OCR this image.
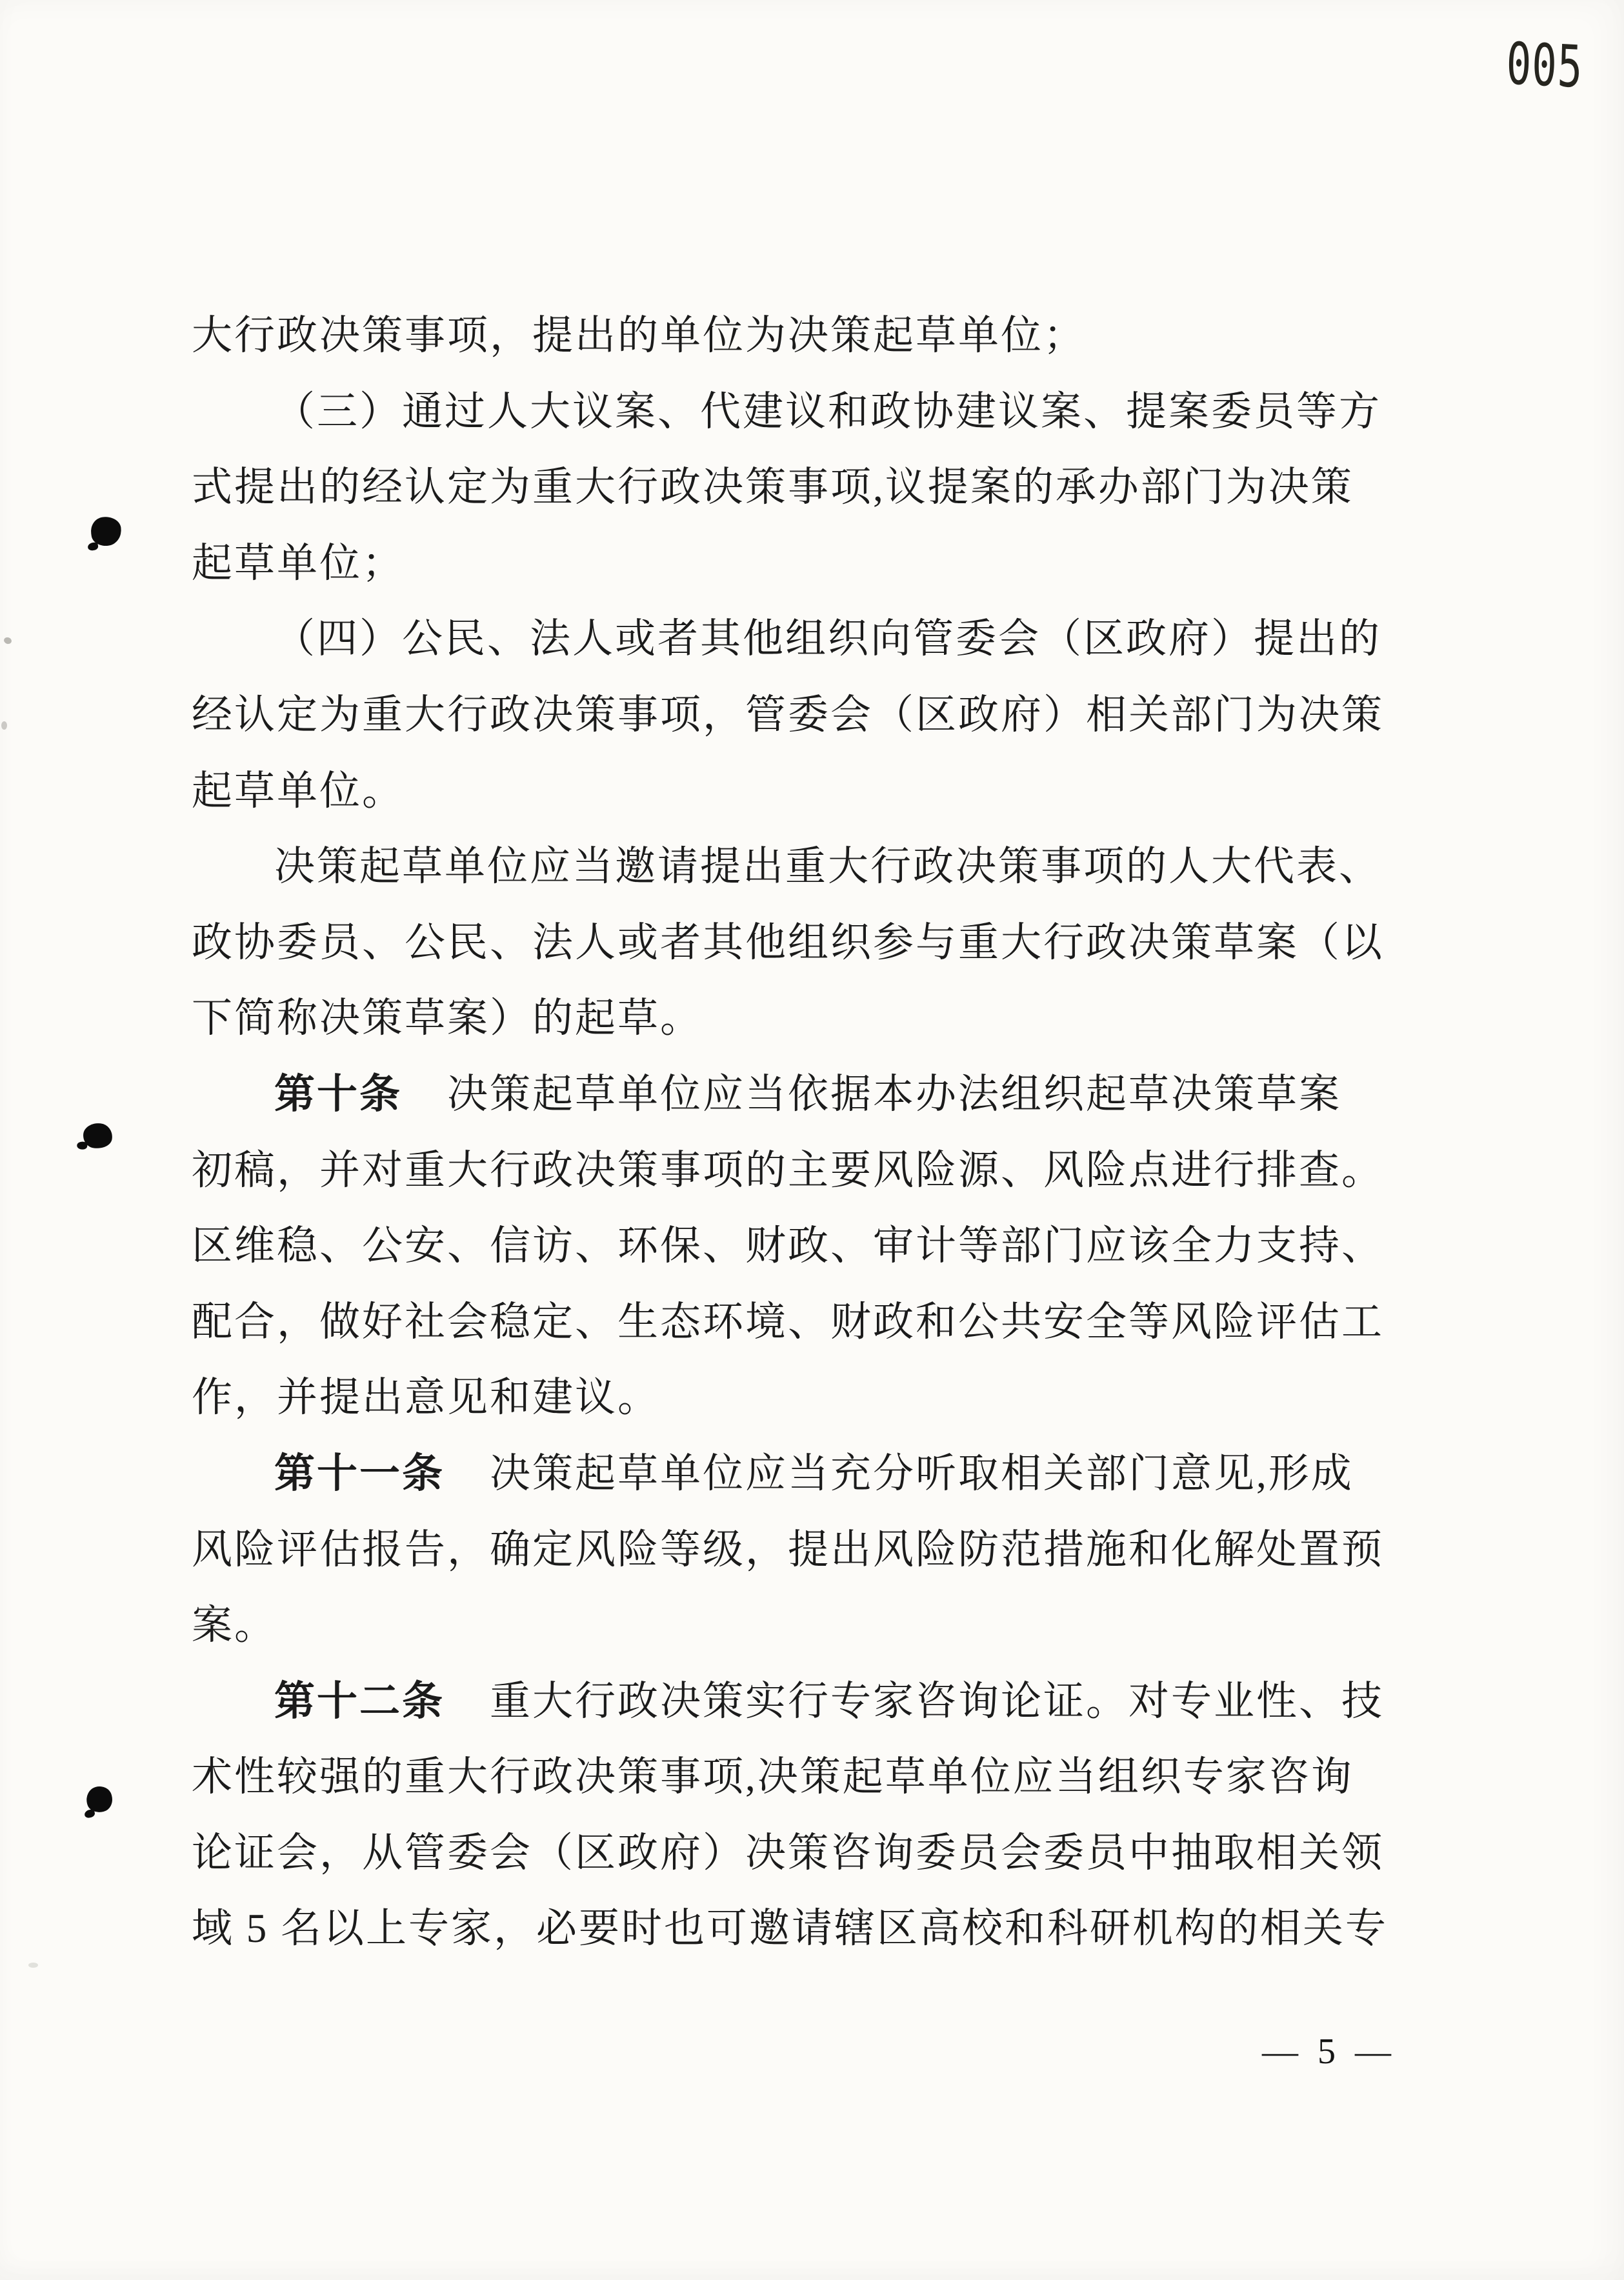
005
大行政决策事项，提出的单位为决策起草单位；
（三）通过人大议案、代建议和政协建议案、提案委员等方
式提出的经认定为重大行政决策事项,议提案的承办部门为决策
起草单位；
（四）公民、法人或者其他组织向管委会（区政府）提出的
经认定为重大行政决策事项，管委会（区政府）相关部门为决策
起草单位。
决策起草单位应当邀请提出重大行政决策事项的人大代表、
政协委员、公民、法人或者其他组织参与重大行政决策草案（以
下简称决策草案）的起草。
第十条 决策起草单位应当依据本办法组织起草决策草案
初稿，并对重大行政决策事项的主要风险源、风险点进行排查。
区维稳、公安、信访、环保、财政、审计等部门应该全力支持、
配合，做好社会稳定、生态环境、财政和公共安全等风险评估工
作，并提出意见和建议。
第十一条 决策起草单位应当充分听取相关部门意见,形成
风险评估报告，确定风险等级，提出风险防范措施和化解处置预
案。
第十二条 重大行政决策实行专家咨询论证。对专业性、技
术性较强的重大行政决策事项,决策起草单位应当组织专家咨询
论证会，从管委会（区政府）决策咨询委员会委员中抽取相关领
域 5 名以上专家，必要时也可邀请辖区高校和科研机构的相关专
— 5 —
